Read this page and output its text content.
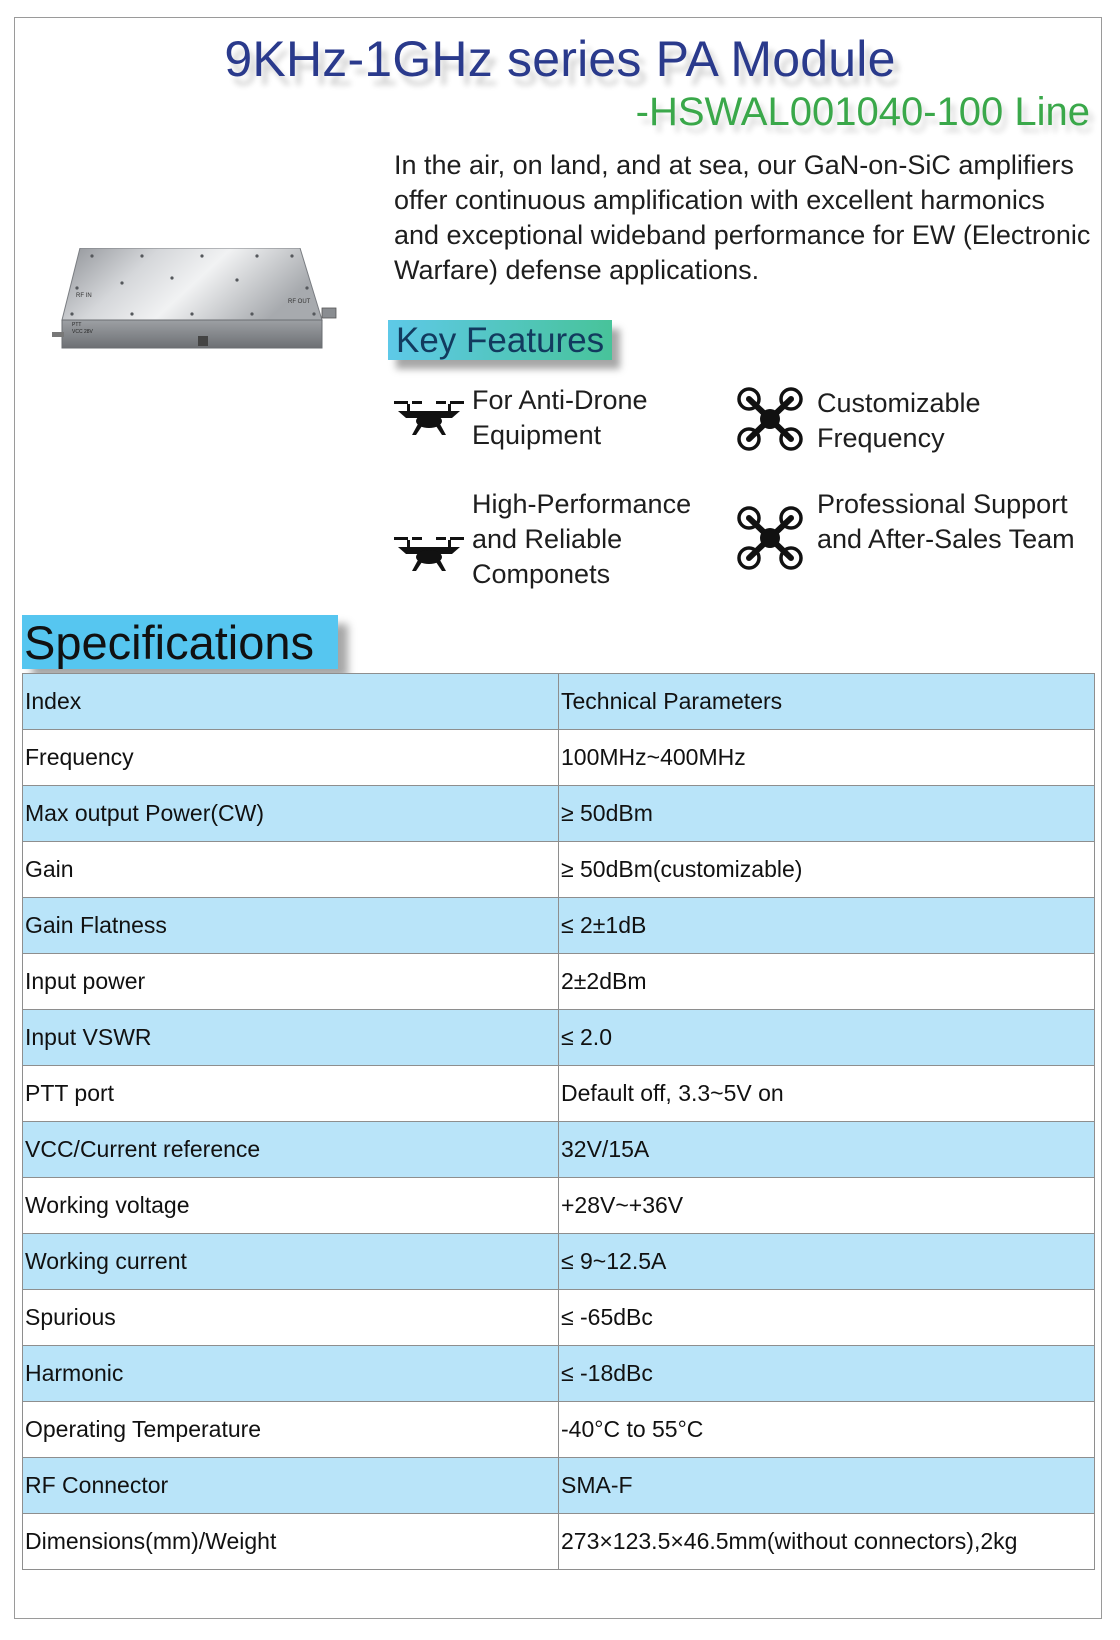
9KHz-1GHz series PA Module
-HSWAL001040-100 Line
RF IN
RF OUT
PTT
VCC 28V
In the air, on land, and at sea, our GaN-on-SiC amplifiers offer continuous amplification with excellent harmonics and exceptional wideband performance for EW (Electronic Warfare) defense applications.
Key Features
For Anti-Drone Equipment
Customizable Frequency
High-Performance and Reliable Componets
Professional Support and After-Sales Team
Specifications
Index	Technical Parameters
Frequency	100MHz~400MHz
Max output Power(CW)	≥ 50dBm
Gain	≥ 50dBm(customizable)
Gain Flatness	≤ 2±1dB
Input power	2±2dBm
Input VSWR	≤ 2.0
PTT port	Default off, 3.3~5V on
VCC/Current reference	32V/15A
Working voltage	+28V~+36V
Working current	≤ 9~12.5A
Spurious	≤ -65dBc
Harmonic	≤ -18dBc
Operating Temperature	-40°C to 55°C
RF Connector	SMA-F
Dimensions(mm)/Weight	273×123.5×46.5mm(without connectors),2kg
